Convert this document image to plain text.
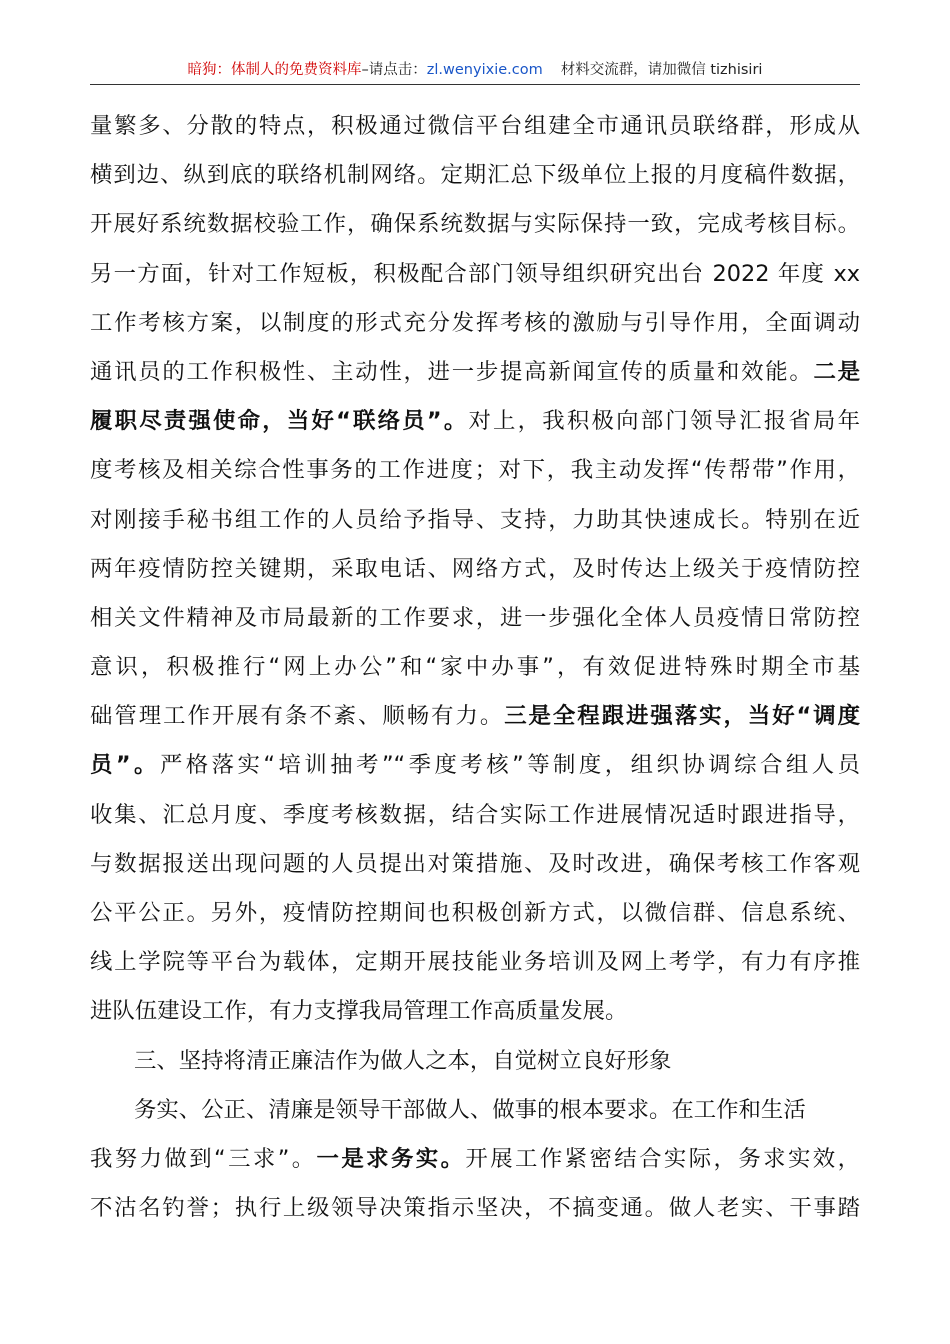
暗狗：体制人的免费资料库–请点击：zl.wenyixie.com 材料交流群，请加微信 tizhisiri
量繁多、分散的特点，积极通过微信平台组建全市通讯员联络群，形成从
横到边、纵到底的联络机制网络。定期汇总下级单位上报的月度稿件数据，
开展好系统数据校验工作，确保系统数据与实际保持一致，完成考核目标。
另一方面，针对工作短板，积极配合部门领导组织研究出台 2022 年度 xx
工作考核方案，以制度的形式充分发挥考核的激励与引导作用，全面调动
通讯员的工作积极性、主动性，进一步提高新闻宣传的质量和效能。二是
履职尽责强使命，当好“联络员”。对上，我积极向部门领导汇报省局年
度考核及相关综合性事务的工作进度；对下，我主动发挥“传帮带”作用，
对刚接手秘书组工作的人员给予指导、支持，力助其快速成长。特别在近
两年疫情防控关键期，采取电话、网络方式，及时传达上级关于疫情防控
相关文件精神及市局最新的工作要求，进一步强化全体人员疫情日常防控
意识，积极推行“网上办公”和“家中办事”，有效促进特殊时期全市基
础管理工作开展有条不紊、顺畅有力。三是全程跟进强落实，当好“调度
员”。严格落实“培训抽考”“季度考核”等制度，组织协调综合组人员
收集、汇总月度、季度考核数据，结合实际工作进展情况适时跟进指导，
与数据报送出现问题的人员提出对策措施、及时改进，确保考核工作客观
公平公正。另外，疫情防控期间也积极创新方式，以微信群、信息系统、
线上学院等平台为载体，定期开展技能业务培训及网上考学，有力有序推
进队伍建设工作，有力支撑我局管理工作高质量发展。
三、坚持将清正廉洁作为做人之本，自觉树立良好形象
务实、公正、清廉是领导干部做人、做事的根本要求。在工作和生活
我努力做到“三求”。一是求务实。开展工作紧密结合实际，务求实效，
不沽名钓誉；执行上级领导决策指示坚决，不搞变通。做人老实、干事踏
